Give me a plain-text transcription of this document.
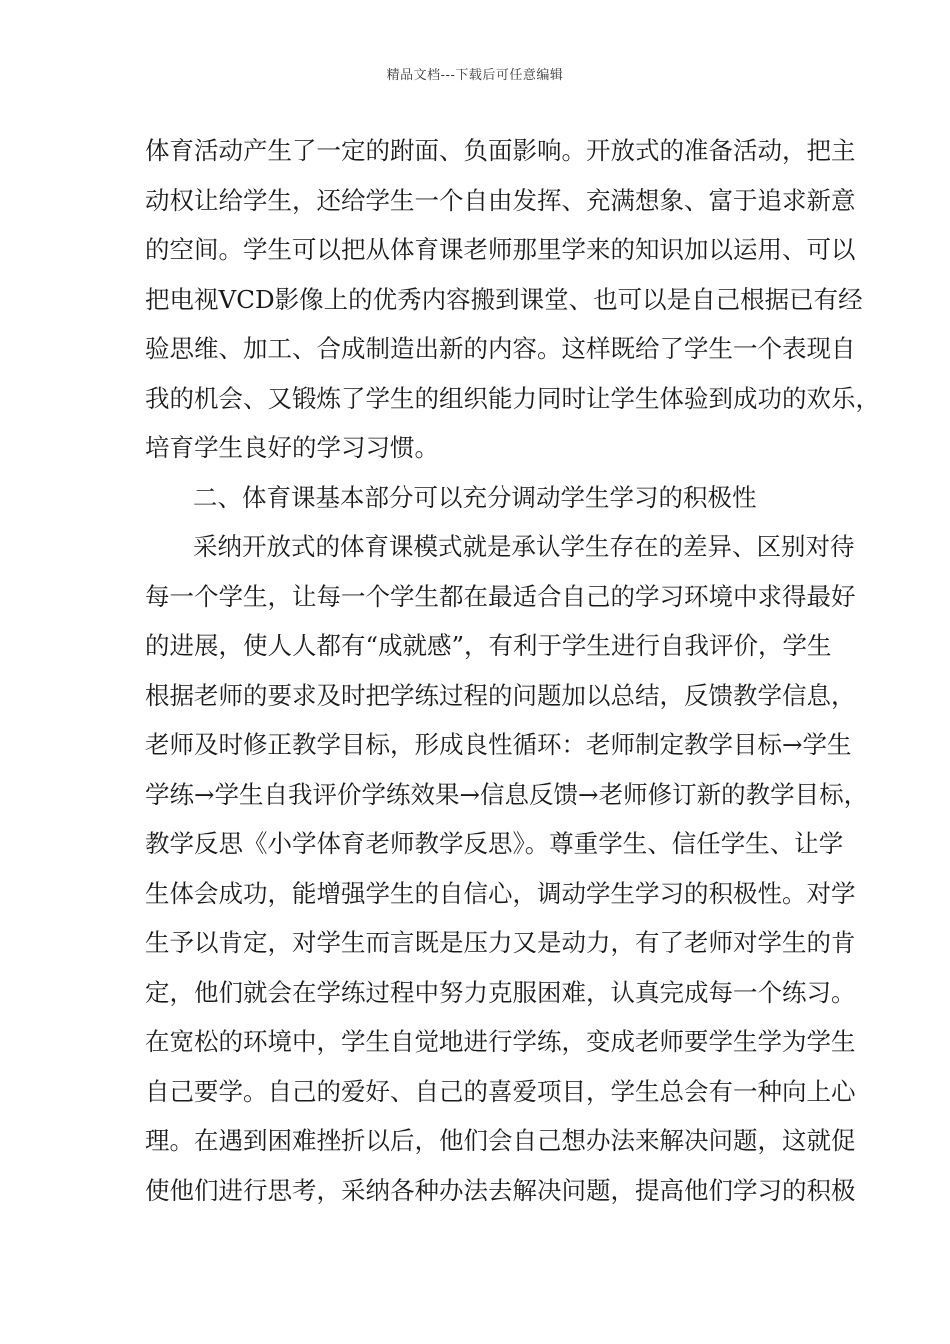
精品文档---下载后可任意编辑
体育活动产生了一定的跗面、负面影响。开放式的准备活动，把主
动权让给学生，还给学生一个自由发挥、充满想象、富于追求新意
的空间。学生可以把从体育课老师那里学来的知识加以运用、可以
把电视VCD影像上的优秀内容搬到课堂、也可以是自己根据已有经
验思维、加工、合成制造出新的内容。这样既给了学生一个表现自
我的机会、又锻炼了学生的组织能力同时让学生体验到成功的欢乐，
培育学生良好的学习习惯。
二、体育课基本部分可以充分调动学生学习的积极性
采纳开放式的体育课模式就是承认学生存在的差异、区别对待
每一个学生，让每一个学生都在最适合自己的学习环境中求得最好
的进展，使人人都有“成就感”，有利于学生进行自我评价，学生
根据老师的要求及时把学练过程的问题加以总结，反馈教学信息，
老师及时修正教学目标，形成良性循环：老师制定教学目标→学生
学练→学生自我评价学练效果→信息反馈→老师修订新的教学目标，
教学反思《小学体育老师教学反思》。尊重学生、信任学生、让学
生体会成功，能增强学生的自信心，调动学生学习的积极性。对学
生予以肯定，对学生而言既是压力又是动力，有了老师对学生的肯
定，他们就会在学练过程中努力克服困难，认真完成每一个练习。
在宽松的环境中，学生自觉地进行学练，变成老师要学生学为学生
自己要学。自己的爱好、自己的喜爱项目，学生总会有一种向上心
理。在遇到困难挫折以后，他们会自己想办法来解决问题，这就促
使他们进行思考，采纳各种办法去解决问题，提高他们学习的积极
